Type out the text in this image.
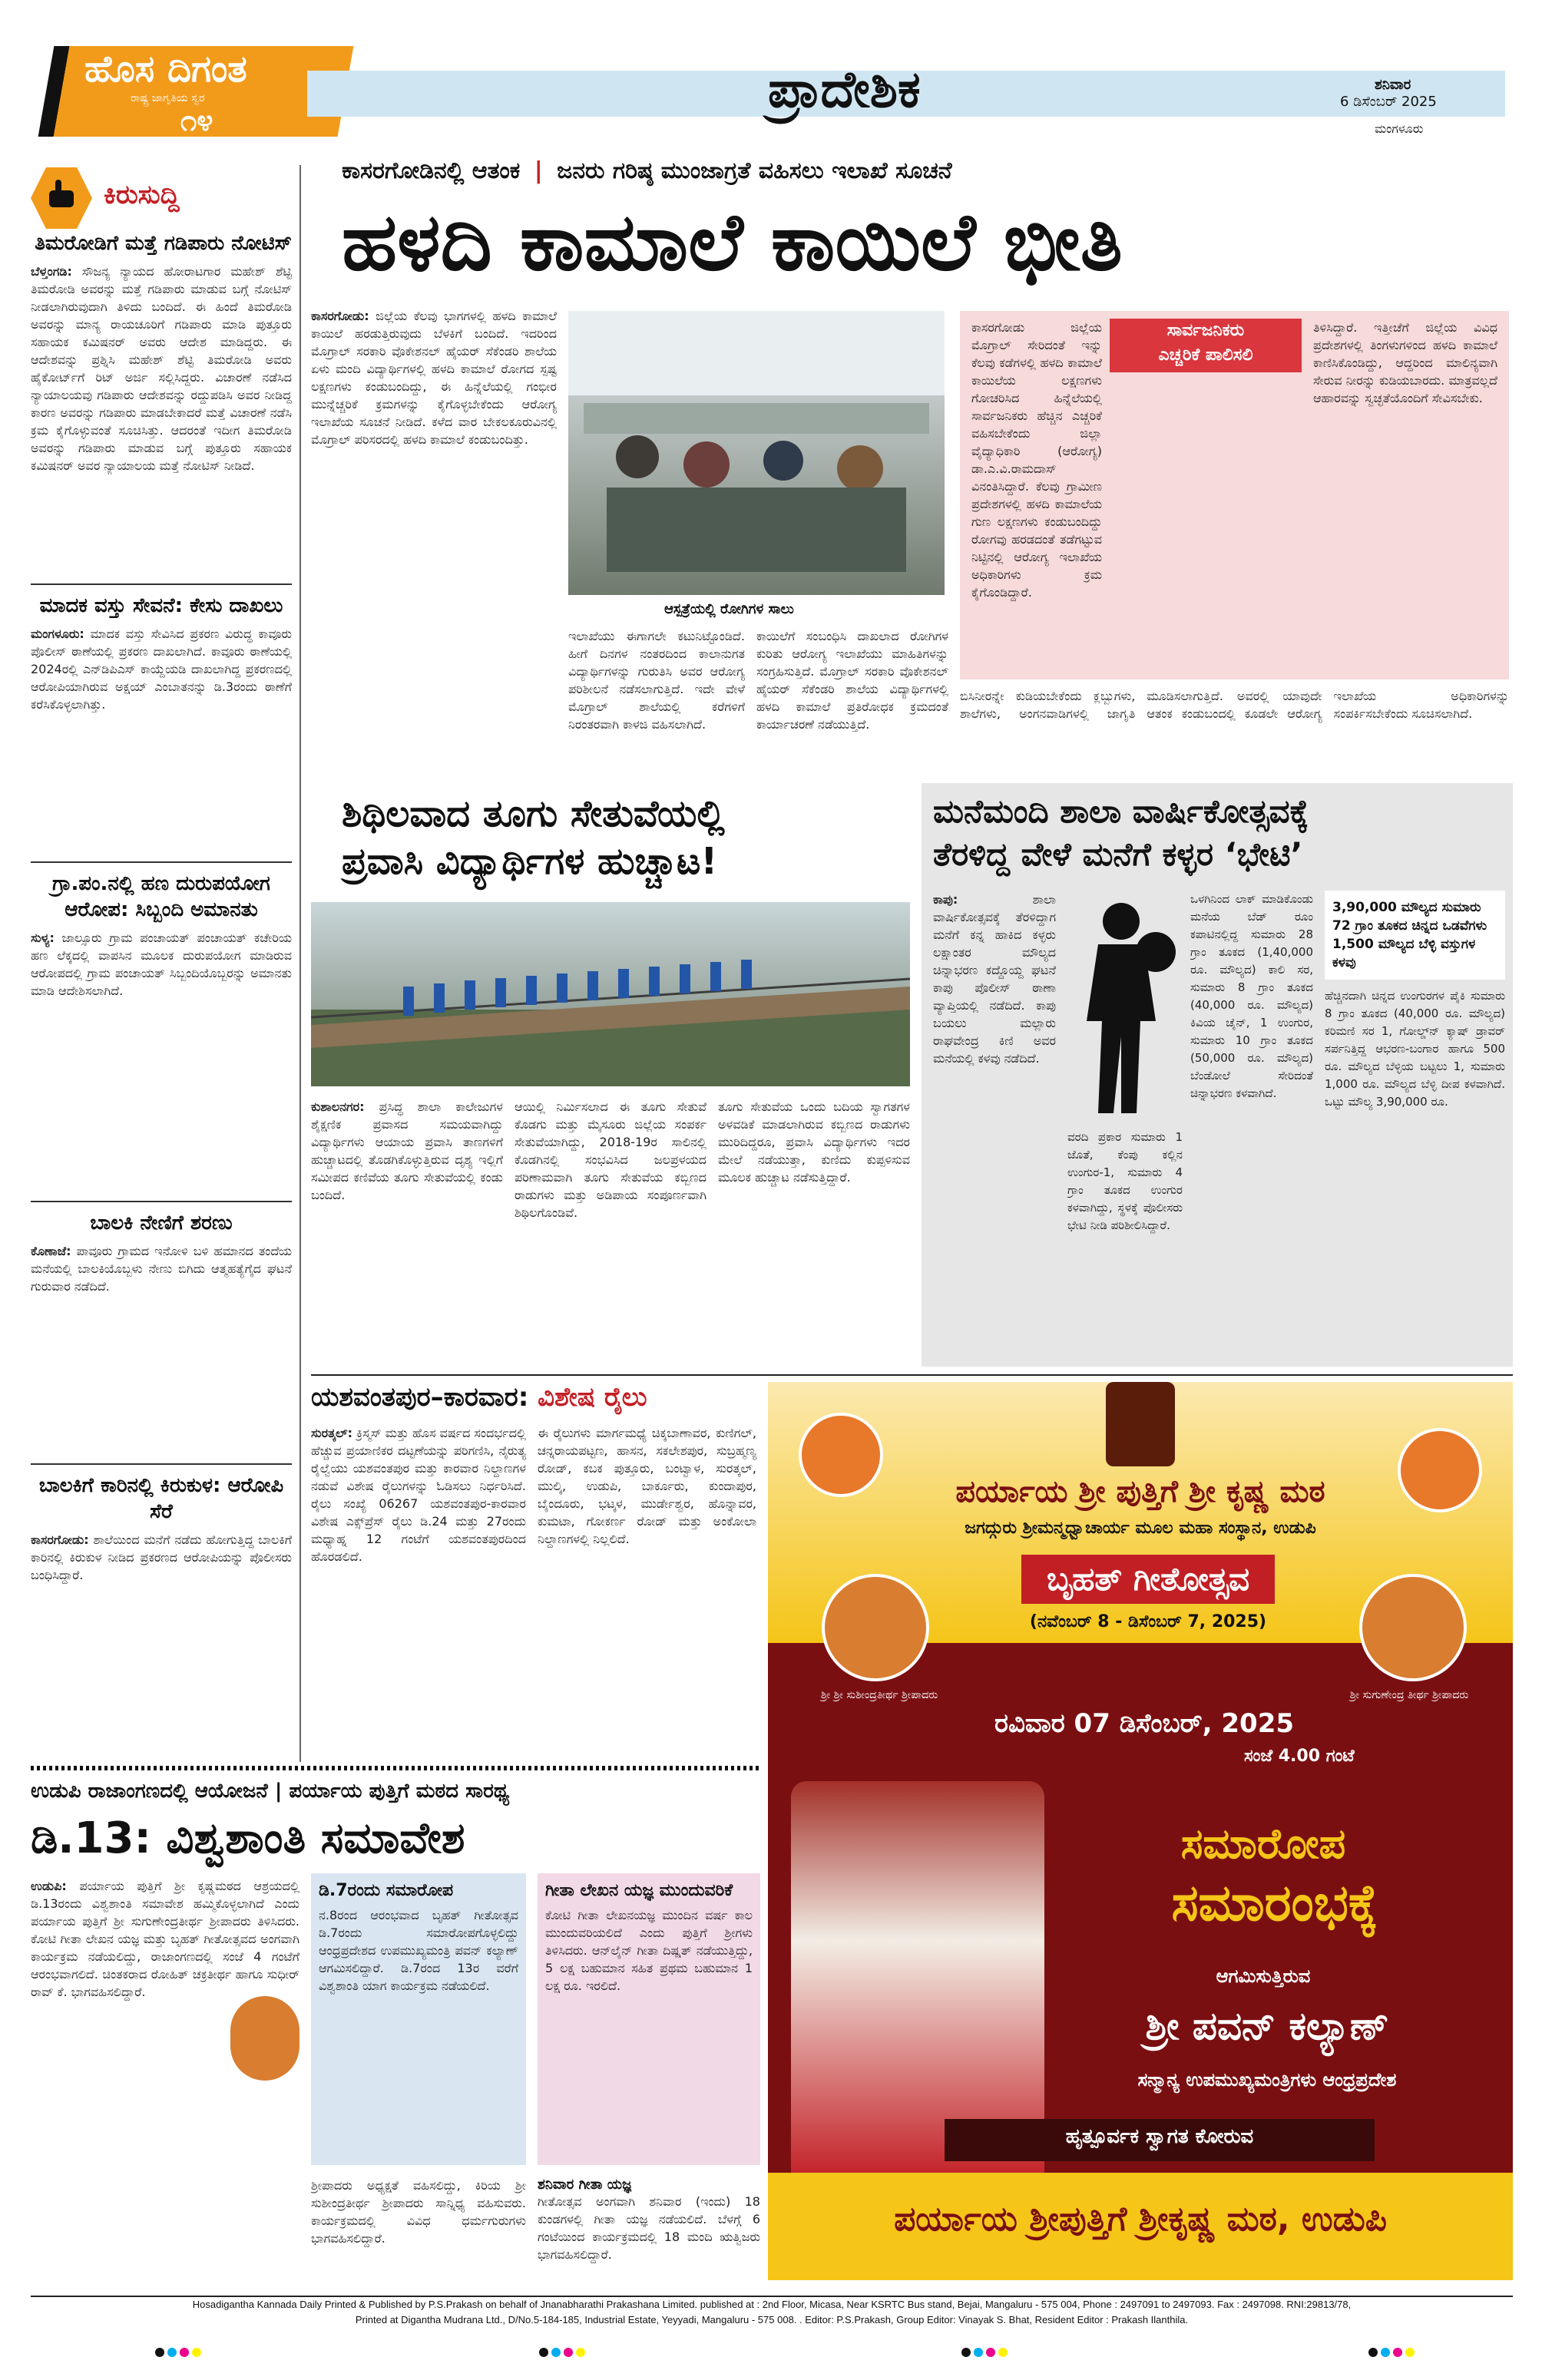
ಹೊಸ ದಿಗಂತ
ರಾಷ್ಟ್ರ ಜಾಗೃತಿಯ ಸ್ವರ
೧೪
ಪ್ರಾದೇಶಿಕ	ಶನಿವಾರ
6 ಡಿಸೆಂಬರ್ 2025
ಮಂಗಳೂರು
ಕಿರುಸುದ್ದಿ
ತಿಮರೋಡಿಗೆ ಮತ್ತೆ ಗಡಿಪಾರು ನೋಟಿಸ್
ಬೆಳ್ತಂಗಡಿ: ಸೌಜನ್ಯ ನ್ಯಾಯದ ಹೋರಾಟಗಾರ ಮಹೇಶ್ ಶೆಟ್ಟಿ ತಿಮರೋಡಿ ಅವರನ್ನು ಮತ್ತೆ ಗಡಿಪಾರು ಮಾಡುವ ಬಗ್ಗೆ ನೋಟಿಸ್ ನೀಡಲಾಗಿರುವುದಾಗಿ ತಿಳಿದು ಬಂದಿದೆ. ಈ ಹಿಂದೆ ತಿಮರೋಡಿ ಅವರನ್ನು ಮಾನ್ಯ ರಾಯಚೂರಿಗೆ ಗಡಿಪಾರು ಮಾಡಿ ಪುತ್ತೂರು ಸಹಾಯಕ ಕಮಿಷನರ್ ಅವರು ಆದೇಶ ಮಾಡಿದ್ದರು. ಈ ಆದೇಶವನ್ನು ಪ್ರಶ್ನಿಸಿ ಮಹೇಶ್ ಶೆಟ್ಟಿ ತಿಮರೋಡಿ ಅವರು ಹೈಕೋರ್ಟ್‌ಗೆ ರಿಟ್ ಅರ್ಜಿ ಸಲ್ಲಿಸಿದ್ದರು. ವಿಚಾರಣೆ ನಡೆಸಿದ ನ್ಯಾಯಾಲಯವು ಗಡಿಪಾರು ಆದೇಶವನ್ನು ರದ್ದುಪಡಿಸಿ ಅವರ ನೀಡಿದ್ದ ಕಾರಣ ಅವರನ್ನು ಗಡಿಪಾರು ಮಾಡಬೇಕಾದರೆ ಮತ್ತೆ ವಿಚಾರಣೆ ನಡೆಸಿ ಕ್ರಮ ಕೈಗೊಳ್ಳುವಂತೆ ಸೂಚಿಸಿತ್ತು. ಆದರಂತೆ ಇದೀಗ ತಿಮರೋಡಿ ಅವರನ್ನು ಗಡಿಪಾರು ಮಾಡುವ ಬಗ್ಗೆ ಪುತ್ತೂರು ಸಹಾಯಕ ಕಮಿಷನರ್ ಅವರ ನ್ಯಾಯಾಲಯ ಮತ್ತೆ ನೋಟಿಸ್ ನೀಡಿದೆ.
ಮಾದಕ ವಸ್ತು ಸೇವನೆ: ಕೇಸು ದಾಖಲು
ಮಂಗಳೂರು: ಮಾದಕ ವಸ್ತು ಸೇವಿಸಿದ ಪ್ರಕರಣ ವಿರುದ್ಧ ಕಾವೂರು ಪೊಲೀಸ್ ಠಾಣೆಯಲ್ಲಿ ಪ್ರಕರಣ ದಾಖಲಾಗಿದೆ. ಕಾವೂರು ಠಾಣೆಯಲ್ಲಿ 2024ರಲ್ಲಿ ಎನ್‌ಡಿಪಿಎಸ್ ಕಾಯ್ದೆಯಡಿ ದಾಖಲಾಗಿದ್ದ ಪ್ರಕರಣದಲ್ಲಿ ಆರೋಪಿಯಾಗಿರುವ ಅಕ್ಷಯ್ ಎಂಬಾತನನ್ನು ಡಿ.3ರಂದು ಠಾಣೆಗೆ ಕರೆಸಿಕೊಳ್ಳಲಾಗಿತ್ತು.
ಗ್ರಾ.ಪಂ.ನಲ್ಲಿ ಹಣ ದುರುಪಯೋಗ ಆರೋಪ: ಸಿಬ್ಬಂದಿ ಅಮಾನತು
ಸುಳ್ಯ: ಜಾಲ್ಸೂರು ಗ್ರಾಮ ಪಂಚಾಯತ್ ಪಂಚಾಯತ್ ಕಚೇರಿಯ ಹಣ ಲೆಕ್ಕದಲ್ಲಿ ವಾಪಸಿನ ಮೂಲಕ ದುರುಪಯೋಗ ಮಾಡಿರುವ ಆರೋಪದಲ್ಲಿ ಗ್ರಾಮ ಪಂಚಾಯತ್ ಸಿಬ್ಬಂದಿಯೊಬ್ಬರನ್ನು ಅಮಾನತು ಮಾಡಿ ಆದೇಶಿಸಲಾಗಿದೆ.
ಬಾಲಕಿ ನೇಣಿಗೆ ಶರಣು
ಕೊಣಾಜೆ: ಪಾವೂರು ಗ್ರಾಮದ ಇನೋಳಿ ಬಳಿ ಹಮಾನದ ತಂದೆಯ ಮನೆಯಲ್ಲಿ ಬಾಲಕಿಯೊಬ್ಬಳು ನೇಣು ಬಿಗಿದು ಆತ್ಮಹತ್ಯೆಗೈದ ಘಟನೆ ಗುರುವಾರ ನಡೆದಿದೆ.
ಬಾಲಕಿಗೆ ಕಾರಿನಲ್ಲಿ ಕಿರುಕುಳ: ಆರೋಪಿ ಸೆರೆ
ಕಾಸರಗೋಡು: ಶಾಲೆಯಿಂದ ಮನೆಗೆ ನಡೆದು ಹೋಗುತ್ತಿದ್ದ ಬಾಲಕಿಗೆ ಕಾರಿನಲ್ಲಿ ಕಿರುಕುಳ ನೀಡಿದ ಪ್ರಕರಣದ ಆರೋಪಿಯನ್ನು ಪೊಲೀಸರು ಬಂಧಿಸಿದ್ದಾರೆ.
ಕಾಸರಗೋಡಿನಲ್ಲಿ ಆತಂಕ | ಜನರು ಗರಿಷ್ಠ ಮುಂಜಾಗ್ರತೆ ವಹಿಸಲು ಇಲಾಖೆ ಸೂಚನೆ
ಹಳದಿ ಕಾಮಾಲೆ ಕಾಯಿಲೆ ಭೀತಿ
ಕಾಸರಗೋಡು: ಜಿಲ್ಲೆಯ ಕೆಲವು ಭಾಗಗಳಲ್ಲಿ ಹಳದಿ ಕಾಮಾಲೆ ಕಾಯಿಲೆ ಹರಡುತ್ತಿರುವುದು ಬೆಳಕಿಗೆ ಬಂದಿದೆ. ಇದರಿಂದ ಮೊಗ್ರಾಲ್ ಸರಕಾರಿ ವೊಕೇಶನಲ್ ಹೈಯರ್ ಸೆಕೆಂಡರಿ ಶಾಲೆಯ ಏಳು ಮಂದಿ ವಿದ್ಯಾರ್ಥಿಗಳಲ್ಲಿ ಹಳದಿ ಕಾಮಾಲೆ ರೋಗದ ಸ್ಪಷ್ಟ ಲಕ್ಷಣಗಳು ಕಂಡುಬಂದಿದ್ದು, ಈ ಹಿನ್ನೆಲೆಯಲ್ಲಿ ಗಂಭೀರ ಮುನ್ನೆಚ್ಚರಿಕೆ ಕ್ರಮಗಳನ್ನು ಕೈಗೊಳ್ಳಬೇಕೆಂದು ಆರೋಗ್ಯ ಇಲಾಖೆಯ ಸೂಚನೆ ನೀಡಿದೆ. ಕಳೆದ ವಾರ ಬೇಕಲಕೂರುವಿನಲ್ಲಿ ಮೊಗ್ರಾಲ್ ಪರಿಸರದಲ್ಲಿ ಹಳದಿ ಕಾಮಾಲೆ ಕಂಡುಬಂದಿತ್ತು.
ಆಸ್ಪತ್ರೆಯಲ್ಲಿ ರೋಗಿಗಳ ಸಾಲು
ಇಲಾಖೆಯು ಈಗಾಗಲೇ ಕಟುನಿಟ್ಟೊಂಡಿದೆ. ಹೀಗೆ ದಿನಗಳ ನಂತರದಿಂದ ಕಾಲಾನುಗತ ವಿದ್ಯಾರ್ಥಿಗಳನ್ನು ಗುರುತಿಸಿ ಅವರ ಆರೋಗ್ಯ ಪರಿಶೀಲನೆ ನಡೆಸಲಾಗುತ್ತಿದೆ. ಇದೇ ವೇಳೆ ಮೊಗ್ರಾಲ್ ಶಾಲೆಯಲ್ಲಿ ಕರೆಗಳಿಗೆ ನಿರಂತರವಾಗಿ ಕಾಳಜಿ ವಹಿಸಲಾಗಿದೆ.
ಕಾಯಿಲೆಗೆ ಸಂಬಂಧಿಸಿ ದಾಖಲಾದ ರೋಗಿಗಳ ಕುರಿತು ಆರೋಗ್ಯ ಇಲಾಖೆಯು ಮಾಹಿತಿಗಳನ್ನು ಸಂಗ್ರಹಿಸುತ್ತಿದೆ. ಮೊಗ್ರಾಲ್ ಸರಕಾರಿ ವೊಕೇಶನಲ್ ಹೈಯರ್ ಸೆಕೆಂಡರಿ ಶಾಲೆಯ ವಿದ್ಯಾರ್ಥಿಗಳಲ್ಲಿ ಹಳದಿ ಕಾಮಾಲೆ ಪ್ರತಿರೋಧಕ ಕ್ರಮದಂತೆ ಕಾರ್ಯಾಚರಣೆ ನಡೆಯುತ್ತಿದೆ.
ಸಾರ್ವಜನಿಕರು
ಎಚ್ಚರಿಕೆ ಪಾಲಿಸಲಿ
ಕಾಸರಗೋಡು ಜಿಲ್ಲೆಯ ಮೊಗ್ರಾಲ್ ಸೇರಿದಂತೆ ಇನ್ನು ಕೆಲವು ಕಡೆಗಳಲ್ಲಿ ಹಳದಿ ಕಾಮಾಲೆ ಕಾಯಿಲೆಯ ಲಕ್ಷಣಗಳು ಗೋಚರಿಸಿದ ಹಿನ್ನೆಲೆಯಲ್ಲಿ ಸಾರ್ವಜನಿಕರು ಹೆಚ್ಚಿನ ಎಚ್ಚರಿಕೆ ವಹಿಸಬೇಕೆಂದು ಜಿಲ್ಲಾ ವೈದ್ಯಾಧಿಕಾರಿ (ಆರೋಗ್ಯ) ಡಾ.ಎ.ವಿ.ರಾಮದಾಸ್ ವಿನಂತಿಸಿದ್ದಾರೆ. ಕೆಲವು ಗ್ರಾಮೀಣ ಪ್ರದೇಶಗಳಲ್ಲಿ ಹಳದಿ ಕಾಮಾಲೆಯ ಗುಣ ಲಕ್ಷಣಗಳು ಕಂಡುಬಂದಿದ್ದು ರೋಗವು ಹರಡದಂತೆ ತಡೆಗಟ್ಟುವ ನಿಟ್ಟಿನಲ್ಲಿ ಆರೋಗ್ಯ ಇಲಾಖೆಯ ಅಧಿಕಾರಿಗಳು ಕ್ರಮ ಕೈಗೊಂಡಿದ್ದಾರೆ.
ತಿಳಿಸಿದ್ದಾರೆ. ಇತ್ತೀಚೆಗೆ ಜಿಲ್ಲೆಯ ವಿವಿಧ ಪ್ರದೇಶಗಳಲ್ಲಿ ತಿಂಗಳುಗಳಿಂದ ಹಳದಿ ಕಾಮಾಲೆ ಕಾಣಿಸಿಕೊಂಡಿದ್ದು, ಆದ್ದರಿಂದ ಮಾಲಿನ್ಯವಾಗಿ ಸೇರುವ ನೀರನ್ನು ಕುಡಿಯಬಾರದು. ಮಾತ್ರವಲ್ಲದೆ ಆಹಾರವನ್ನು ಸ್ವಚ್ಛತೆಯೊಂದಿಗೆ ಸೇವಿಸಬೇಕು.
ಬಿಸಿನೀರನ್ನೇ ಕುಡಿಯಬೇಕೆಂದು ಕ್ಲಬ್ಬುಗಳು, ಶಾಲೆಗಳು, ಅಂಗನವಾಡಿಗಳಲ್ಲಿ ಜಾಗೃತಿ ಮೂಡಿಸಲಾಗುತ್ತಿದೆ. ಅವರಲ್ಲಿ ಯಾವುದೇ ಆತಂಕ ಕಂಡುಬಂದಲ್ಲಿ ಕೂಡಲೇ ಆರೋಗ್ಯ ಇಲಾಖೆಯ ಅಧಿಕಾರಿಗಳನ್ನು ಸಂಪರ್ಕಿಸಬೇಕೆಂದು ಸೂಚಿಸಲಾಗಿದೆ.
ಶಿಥಿಲವಾದ ತೂಗು ಸೇತುವೆಯಲ್ಲಿ
ಪ್ರವಾಸಿ ವಿದ್ಯಾರ್ಥಿಗಳ ಹುಚ್ಚಾಟ!
ಕುಶಾಲನಗರ: ಪ್ರಸಿದ್ಧ ಶಾಲಾ ಕಾಲೇಜುಗಳ ಶೈಕ್ಷಣಿಕ ಪ್ರವಾಸದ ಸಮಯವಾಗಿದ್ದು ವಿದ್ಯಾರ್ಥಿಗಳು ಆಯಾಯ ಪ್ರವಾಸಿ ತಾಣಗಳಿಗೆ ಹುಚ್ಚಾಟದಲ್ಲಿ ತೊಡಗಿಕೊಳ್ಳುತ್ತಿರುವ ದೃಶ್ಯ ಇಲ್ಲಿಗೆ ಸಮೀಪದ ಕಣಿವೆಯ ತೂಗು ಸೇತುವೆಯಲ್ಲಿ ಕಂಡು ಬಂದಿದೆ.
ಆಯಿಲ್ಲಿ ನಿರ್ಮಿಸಲಾದ ಈ ತೂಗು ಸೇತುವೆ ಕೊಡಗು ಮತ್ತು ಮೈಸೂರು ಜಿಲ್ಲೆಯ ಸಂಪರ್ಕ ಸೇತುವೆಯಾಗಿದ್ದು, 2018-19ರ ಸಾಲಿನಲ್ಲಿ ಕೊಡಗಿನಲ್ಲಿ ಸಂಭವಿಸಿದ ಜಲಪ್ರಳಯದ ಪರಿಣಾಮವಾಗಿ ತೂಗು ಸೇತುವೆಯ ಕಬ್ಬಿಣದ ರಾಡುಗಳು ಮತ್ತು ಅಡಿಪಾಯ ಸಂಪೂರ್ಣವಾಗಿ ಶಿಥಿಲಗೊಂಡಿವೆ.
ತೂಗು ಸೇತುವೆಯ ಒಂದು ಬದಿಯ ಸ್ವಾಗತಗಳ ಅಳವಡಿಕೆ ಮಾಡಲಾಗಿರುವ ಕಬ್ಬಿಣದ ರಾಡುಗಳು ಮುರಿದಿದ್ದರೂ, ಪ್ರವಾಸಿ ವಿದ್ಯಾರ್ಥಿಗಳು ಇದರ ಮೇಲೆ ನಡೆಯುತ್ತಾ, ಕುಣಿದು ಕುಪ್ಪಳಿಸುವ ಮೂಲಕ ಹುಚ್ಚಾಟ ನಡೆಸುತ್ತಿದ್ದಾರೆ.
ಮನೆಮಂದಿ ಶಾಲಾ ವಾರ್ಷಿಕೋತ್ಸವಕ್ಕೆ
ತೆರಳಿದ್ದ ವೇಳೆ ಮನೆಗೆ ಕಳ್ಳರ ‘ಭೇಟಿ’
ಕಾಪು:	ಶಾಲಾ ವಾರ್ಷಿಕೋತ್ಸವಕ್ಕೆ ತೆರಳಿದ್ದಾಗ ಮನೆಗೆ ಕನ್ನ ಹಾಕಿದ ಕಳ್ಳರು ಲಕ್ಷಾಂತರ ಮೌಲ್ಯದ ಚಿನ್ನಾಭರಣ ಕದ್ದೊಯ್ದ ಘಟನೆ ಕಾಪು ಪೊಲೀಸ್ ಠಾಣಾ ವ್ಯಾಪ್ತಿಯಲ್ಲಿ ನಡೆದಿದೆ. ಕಾಪು ಬಯಲು ಮಲ್ಲಾರು ರಾಘವೇಂದ್ರ ಕಿಣಿ ಅವರ ಮನೆಯಲ್ಲಿ ಕಳವು ನಡೆದಿದೆ.
ಒಳಗಿನಿಂದ ಲಾಕ್ ಮಾಡಿಕೊಂಡು ಮನೆಯ ಬೆಡ್ ರೂಂ ಕಪಾಟಿನಲ್ಲಿದ್ದ ಸುಮಾರು 28 ಗ್ರಾಂ ತೂಕದ (1,40,000 ರೂ. ಮೌಲ್ಯದ) ಕಾಲಿ ಸರ, ಸುಮಾರು 8 ಗ್ರಾಂ ತೂಕದ (40,000 ರೂ. ಮೌಲ್ಯದ) ಕಿವಿಯ ಚೈನ್, 1 ಉಂಗುರ, ಸುಮಾರು 10 ಗ್ರಾಂ ತೂಕದ (50,000 ರೂ. ಮೌಲ್ಯದ) ಬೆಂಡೋಲೆ ಸೇರಿದಂತೆ ಚಿನ್ನಾಭರಣ ಕಳವಾಗಿದೆ.
ವರದಿ ಪ್ರಕಾರ ಸುಮಾರು 1 ಜೊತೆ, ಕೆಂಪು ಕಲ್ಲಿನ ಉಂಗುರ-1, ಸುಮಾರು 4 ಗ್ರಾಂ ತೂಕದ ಉಂಗುರ ಕಳವಾಗಿದ್ದು, ಸ್ಥಳಕ್ಕೆ ಪೊಲೀಸರು ಭೇಟಿ ನೀಡಿ ಪರಿಶೀಲಿಸಿದ್ದಾರೆ.
3,90,000 ಮೌಲ್ಯದ ಸುಮಾರು 72 ಗ್ರಾಂ ತೂಕದ ಚಿನ್ನದ ಒಡವೆಗಳು 1,500 ಮೌಲ್ಯದ ಬೆಳ್ಳಿ ವಸ್ತುಗಳ ಕಳವು
ಹೆಚ್ಚಿನದಾಗಿ ಚಿನ್ನದ ಉಂಗುರಗಳ ಪೈಕಿ ಸುಮಾರು 8 ಗ್ರಾಂ ತೂಕದ (40,000 ರೂ. ಮೌಲ್ಯದ) ಕರಿಮಣಿ ಸರ 1, ಗೋಲ್ಡ್‌ನ್ ಕ್ಯಾಷ್ ಡ್ರಾವರ್ ಸರ್ಪನಿತ್ತಿದ್ದ ಆಭರಣ-ಬಂಗಾರ ಹಾಗೂ 500 ರೂ. ಮೌಲ್ಯದ ಬೆಳ್ಳಿಯ ಬಟ್ಟಲು 1, ಸುಮಾರು 1,000 ರೂ. ಮೌಲ್ಯದ ಬೆಳ್ಳಿ ದೀಪ ಕಳವಾಗಿದೆ. ಒಟ್ಟು ಮೌಲ್ಯ 3,90,000 ರೂ.
ಯಶವಂತಪುರ–ಕಾರವಾರ: ವಿಶೇಷ ರೈಲು
ಸುರತ್ಕಲ್: ಕ್ರಿಸ್ಮಸ್ ಮತ್ತು ಹೊಸ ವರ್ಷದ ಸಂದರ್ಭದಲ್ಲಿ ಹೆಚ್ಚುವ ಪ್ರಯಾಣಿಕರ ದಟ್ಟಣೆಯನ್ನು ಪರಿಗಣಿಸಿ, ನೈರುತ್ಯ ರೈಲ್ವೆಯು ಯಶವಂತಪುರ ಮತ್ತು ಕಾರವಾರ ನಿಲ್ದಾಣಗಳ ನಡುವೆ ವಿಶೇಷ ರೈಲುಗಳನ್ನು ಓಡಿಸಲು ನಿರ್ಧರಿಸಿದೆ. ರೈಲು ಸಂಖ್ಯೆ 06267 ಯಶವಂತಪುರ-ಕಾರವಾರ ವಿಶೇಷ ಎಕ್ಸ್‌ಪ್ರೆಸ್ ರೈಲು ಡಿ.24 ಮತ್ತು 27ರಂದು ಮಧ್ಯಾಹ್ನ 12 ಗಂಟೆಗೆ ಯಶವಂತಪುರದಿಂದ ಹೊರಡಲಿದೆ.
ಈ ರೈಲುಗಳು ಮಾರ್ಗಮಧ್ಯೆ ಚಿಕ್ಕಬಾಣಾವರ, ಕುಣಿಗಲ್, ಚನ್ನರಾಯಪಟ್ಟಣ, ಹಾಸನ, ಸಕಲೇಶಪುರ, ಸುಬ್ರಹ್ಮಣ್ಯ ರೋಡ್, ಕಬಕ ಪುತ್ತೂರು, ಬಂಟ್ವಾಳ, ಸುರತ್ಕಲ್, ಮುಲ್ಕಿ, ಉಡುಪಿ, ಬಾರ್ಕೂರು, ಕುಂದಾಪುರ, ಬೈಂದೂರು, ಭಟ್ಕಳ, ಮುರ್ಡೇಶ್ವರ, ಹೊನ್ನಾವರ, ಕುಮಟಾ, ಗೋಕರ್ಣ ರೋಡ್ ಮತ್ತು ಅಂಕೋಲಾ ನಿಲ್ದಾಣಗಳಲ್ಲಿ ನಿಲ್ಲಲಿದೆ.
ಪರ್ಯಾಯ ಶ್ರೀ ಪುತ್ತಿಗೆ ಶ್ರೀ ಕೃಷ್ಣ ಮಠ
ಜಗದ್ಗುರು ಶ್ರೀಮನ್ಮಧ್ವಾಚಾರ್ಯ ಮೂಲ ಮಹಾ ಸಂಸ್ಥಾನ, ಉಡುಪಿ
ಬೃಹತ್ ಗೀತೋತ್ಸವ
(ನವೆಂಬರ್ 8 - ಡಿಸೆಂಬರ್ 7, 2025)
ಶ್ರೀ ಶ್ರೀ ಸುಶೀಂದ್ರತೀರ್ಥ ಶ್ರೀಪಾದರು	ಶ್ರೀ ಸುಗುಣೇಂದ್ರ ತೀರ್ಥ ಶ್ರೀಪಾದರು
ರವಿವಾರ 07 ಡಿಸೆಂಬರ್, 2025
ಸಂಜೆ 4.00 ಗಂಟೆ
ಸಮಾರೋಪ
ಸಮಾರಂಭಕ್ಕೆ
ಆಗಮಿಸುತ್ತಿರುವ
ಶ್ರೀ ಪವನ್ ಕಲ್ಯಾಣ್
ಸನ್ಮಾನ್ಯ ಉಪಮುಖ್ಯಮಂತ್ರಿಗಳು ಆಂಧ್ರಪ್ರದೇಶ
ಹೃತ್ಪೂರ್ವಕ ಸ್ವಾಗತ ಕೋರುವ
ಪರ್ಯಾಯ ಶ್ರೀಪುತ್ತಿಗೆ ಶ್ರೀಕೃಷ್ಣ ಮಠ, ಉಡುಪಿ
ಉಡುಪಿ ರಾಜಾಂಗಣದಲ್ಲಿ ಆಯೋಜನೆ | ಪರ್ಯಾಯ ಪುತ್ತಿಗೆ ಮಠದ ಸಾರಥ್ಯ
ಡಿ.13: ವಿಶ್ವಶಾಂತಿ ಸಮಾವೇಶ
ಉಡುಪಿ: ಪರ್ಯಾಯ ಪುತ್ತಿಗೆ ಶ್ರೀ ಕೃಷ್ಣಮಠದ ಆಶ್ರಯದಲ್ಲಿ ಡಿ.13ರಂದು ವಿಶ್ವಶಾಂತಿ ಸಮಾವೇಶ ಹಮ್ಮಿಕೊಳ್ಳಲಾಗಿದೆ ಎಂದು ಪರ್ಯಾಯ ಪುತ್ತಿಗೆ ಶ್ರೀ ಸುಗುಣೇಂದ್ರತೀರ್ಥ ಶ್ರೀಪಾದರು ತಿಳಿಸಿದರು. ಕೋಟಿ ಗೀತಾ ಲೇಖನ ಯಜ್ಞ ಮತ್ತು ಬೃಹತ್ ಗೀತೋತ್ಸವದ ಅಂಗವಾಗಿ ಕಾರ್ಯಕ್ರಮ ನಡೆಯಲಿದ್ದು, ರಾಜಾಂಗಣದಲ್ಲಿ ಸಂಜೆ 4 ಗಂಟೆಗೆ ಆರಂಭವಾಗಲಿದೆ. ಚಿಂತಕರಾದ ರೋಹಿತ್ ಚಕ್ರತೀರ್ಥ ಹಾಗೂ ಸುಧೀರ್ ರಾವ್ ಕೆ. ಭಾಗವಹಿಸಲಿದ್ದಾರೆ.
ಡಿ.7ರಂದು ಸಮಾರೋಪ
ನ.8ರಂದ ಆರಂಭವಾದ ಬೃಹತ್ ಗೀತೋತ್ಸವ ಡಿ.7ರಂದು ಸಮಾರೋಪಗೊಳ್ಳಲಿದ್ದು ಆಂಧ್ರಪ್ರದೇಶದ ಉಪಮುಖ್ಯಮಂತ್ರಿ ಪವನ್ ಕಲ್ಯಾಣ್ ಆಗಮಿಸಲಿದ್ದಾರೆ. ಡಿ.7ರಂದ 13ರ ವರೆಗೆ ವಿಶ್ವಶಾಂತಿ ಯಾಗ ಕಾರ್ಯಕ್ರಮ ನಡೆಯಲಿದೆ.
ಗೀತಾ ಲೇಖನ ಯಜ್ಞ ಮುಂದುವರಿಕೆ
ಕೋಟಿ ಗೀತಾ ಲೇಖನಯಜ್ಞ ಮುಂದಿನ ವರ್ಷ ಕಾಲ ಮುಂದುವರಿಯಲಿದೆ ಎಂದು ಪುತ್ತಿಗೆ ಶ್ರೀಗಳು ತಿಳಿಸಿದರು. ಆನ್‌ಲೈನ್ ಗೀತಾ ದಿಷ್ಷತ್ ನಡೆಯುತ್ತಿದ್ದು, 5 ಲಕ್ಷ ಬಹುಮಾನ ಸಹಿತ ಪ್ರಥಮ ಬಹುಮಾನ 1 ಲಕ್ಷ ರೂ. ಇರಲಿದೆ.
ಶ್ರೀಪಾದರು ಅಧ್ಯಕ್ಷತೆ ವಹಿಸಲಿದ್ದು, ಕಿರಿಯ ಶ್ರೀ ಸುಶೀಂದ್ರತೀರ್ಥ ಶ್ರೀಪಾದರು ಸಾನ್ನಿಧ್ಯ ವಹಿಸುವರು. ಕಾರ್ಯಕ್ರಮದಲ್ಲಿ ವಿವಿಧ ಧರ್ಮಗುರುಗಳು ಭಾಗವಹಿಸಲಿದ್ದಾರೆ.
ಶನಿವಾರ ಗೀತಾ ಯಜ್ಞ
ಗೀತೋತ್ಸವ ಅಂಗವಾಗಿ ಶನಿವಾರ (ಇಂದು) 18 ಕುಂಡಗಳಲ್ಲಿ ಗೀತಾ ಯಜ್ಞ ನಡೆಯಲಿದೆ. ಬೆಳಗ್ಗೆ 6 ಗಂಟೆಯಿಂದ ಕಾರ್ಯಕ್ರಮದಲ್ಲಿ 18 ಮಂದಿ ಋತ್ವಿಜರು ಭಾಗವಹಿಸಲಿದ್ದಾರೆ.
Hosadigantha Kannada Daily Printed & Published by P.S.Prakash on behalf of Jnanabharathi Prakashana Limited. published at : 2nd Floor, Micasa, Near KSRTC Bus stand, Bejai, Mangaluru - 575 004, Phone : 2497091 to 2497093. Fax : 2497098. RNI:29813/78,
Printed at Digantha Mudrana Ltd., D/No.5-184-185, Industrial Estate, Yeyyadi, Mangaluru - 575 008. . Editor: P.S.Prakash, Group Editor: Vinayak S. Bhat, Resident Editor : Prakash Ilanthila.
